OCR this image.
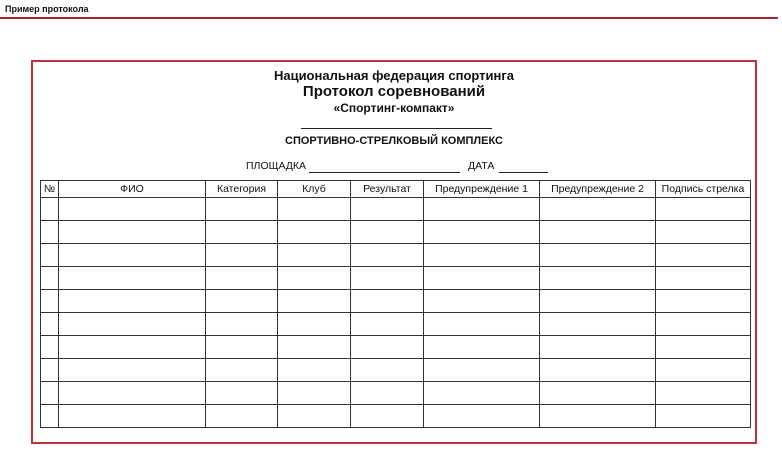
Пример протокола
Национальная федерация спортинга
Протокол соревнований
«Спортинг-компакт»
СПОРТИВНО-СТРЕЛКОВЫЙ КОМПЛЕКС
ПЛОЩАДКА	ДАТА
№	ФИО	Категория	Клуб	Результат	Предупреждение 1	Предупреждение 2	Подпись стрелка
